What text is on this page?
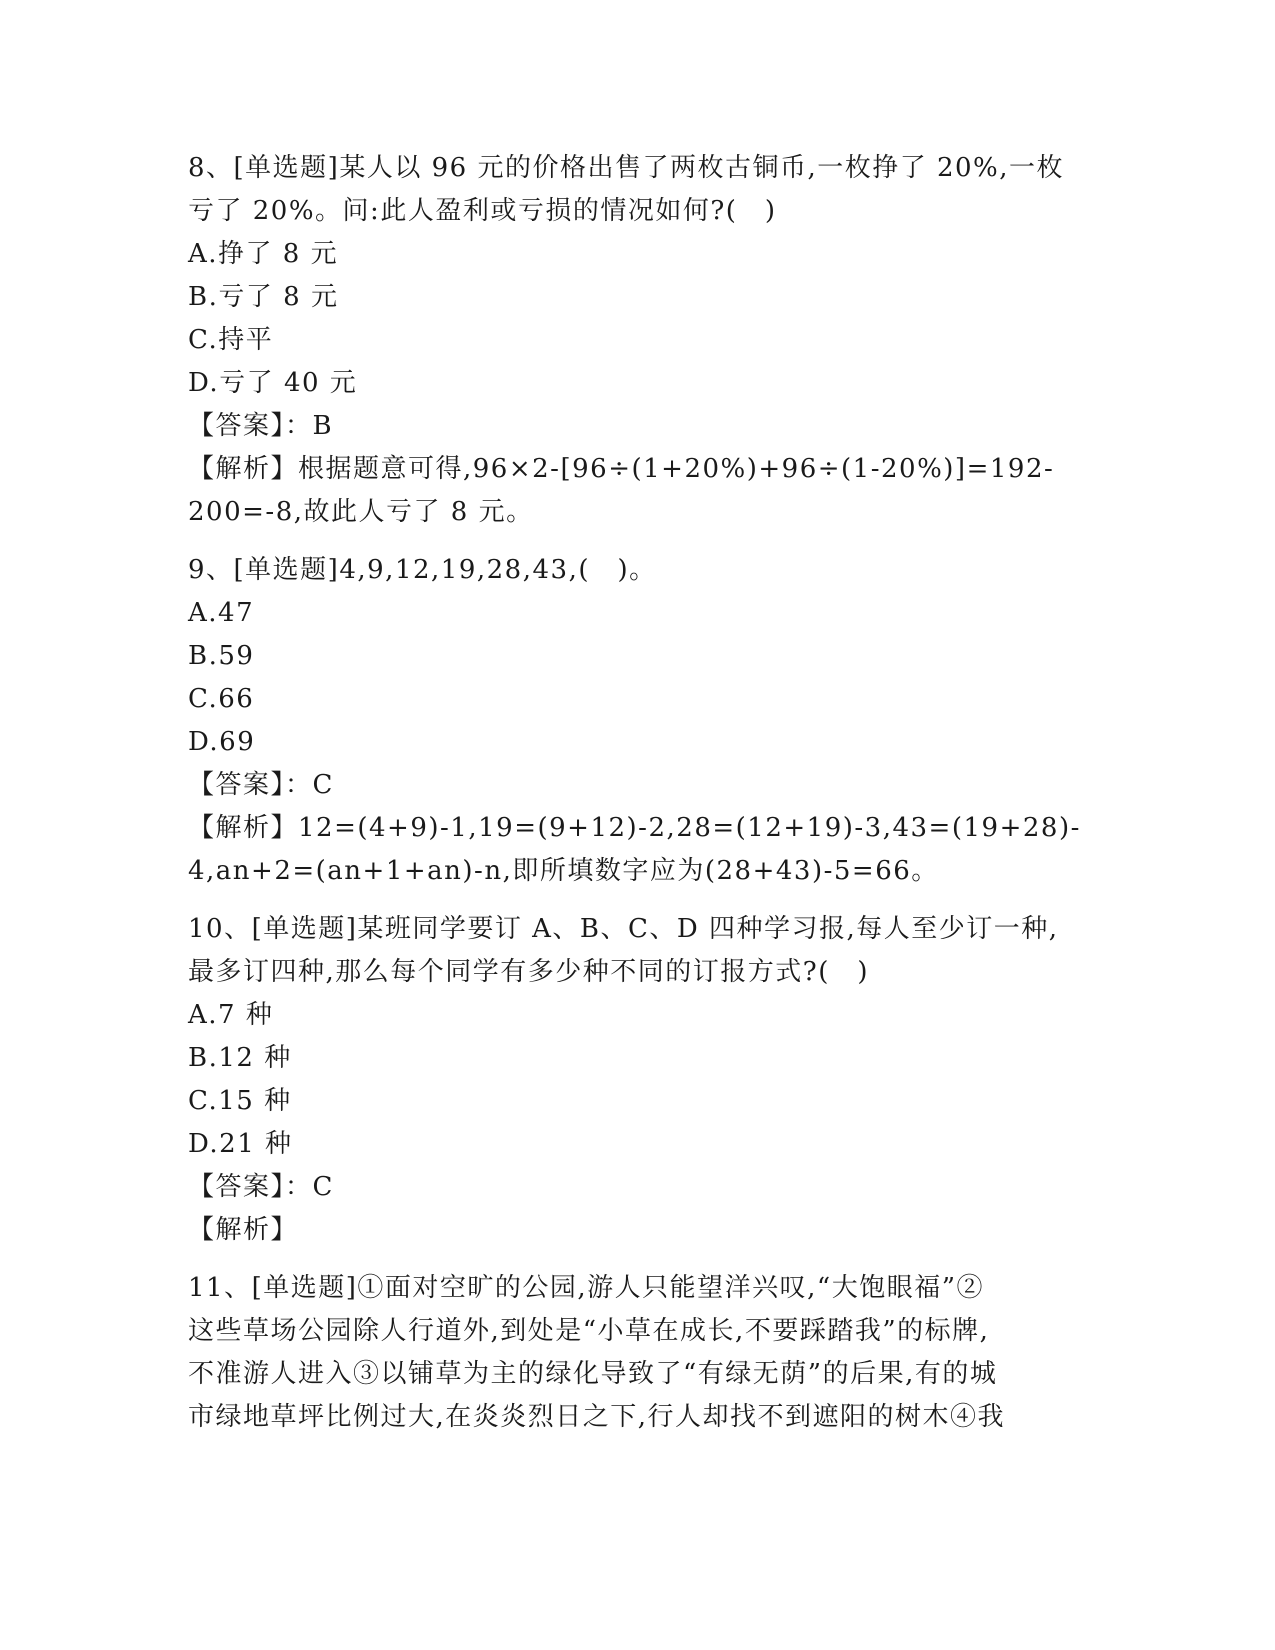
8、[单选题]某人以 96 元的价格出售了两枚古铜币,一枚挣了 20%,一枚
亏了 20%。问:此人盈利或亏损的情况如何?(　)
A.挣了 8 元
B.亏了 8 元
C.持平
D.亏了 40 元
【答案】：B
【解析】根据题意可得,96×2-[96÷(1+20%)+96÷(1-20%)]=192-
200=-8,故此人亏了 8 元。
9、[单选题]4,9,12,19,28,43,(　)。
A.47
B.59
C.66
D.69
【答案】：C
【解析】12=(4+9)-1,19=(9+12)-2,28=(12+19)-3,43=(19+28)-
4,an+2=(an+1+an)-n,即所填数字应为(28+43)-5=66。
10、[单选题]某班同学要订 A、B、C、D 四种学习报,每人至少订一种,
最多订四种,那么每个同学有多少种不同的订报方式?(　)
A.7 种
B.12 种
C.15 种
D.21 种
【答案】：C
【解析】
11、[单选题]①面对空旷的公园,游人只能望洋兴叹,“大饱眼福”②
这些草场公园除人行道外,到处是“小草在成长,不要踩踏我”的标牌,
不准游人进入③以铺草为主的绿化导致了“有绿无荫”的后果,有的城
市绿地草坪比例过大,在炎炎烈日之下,行人却找不到遮阳的树木④我
